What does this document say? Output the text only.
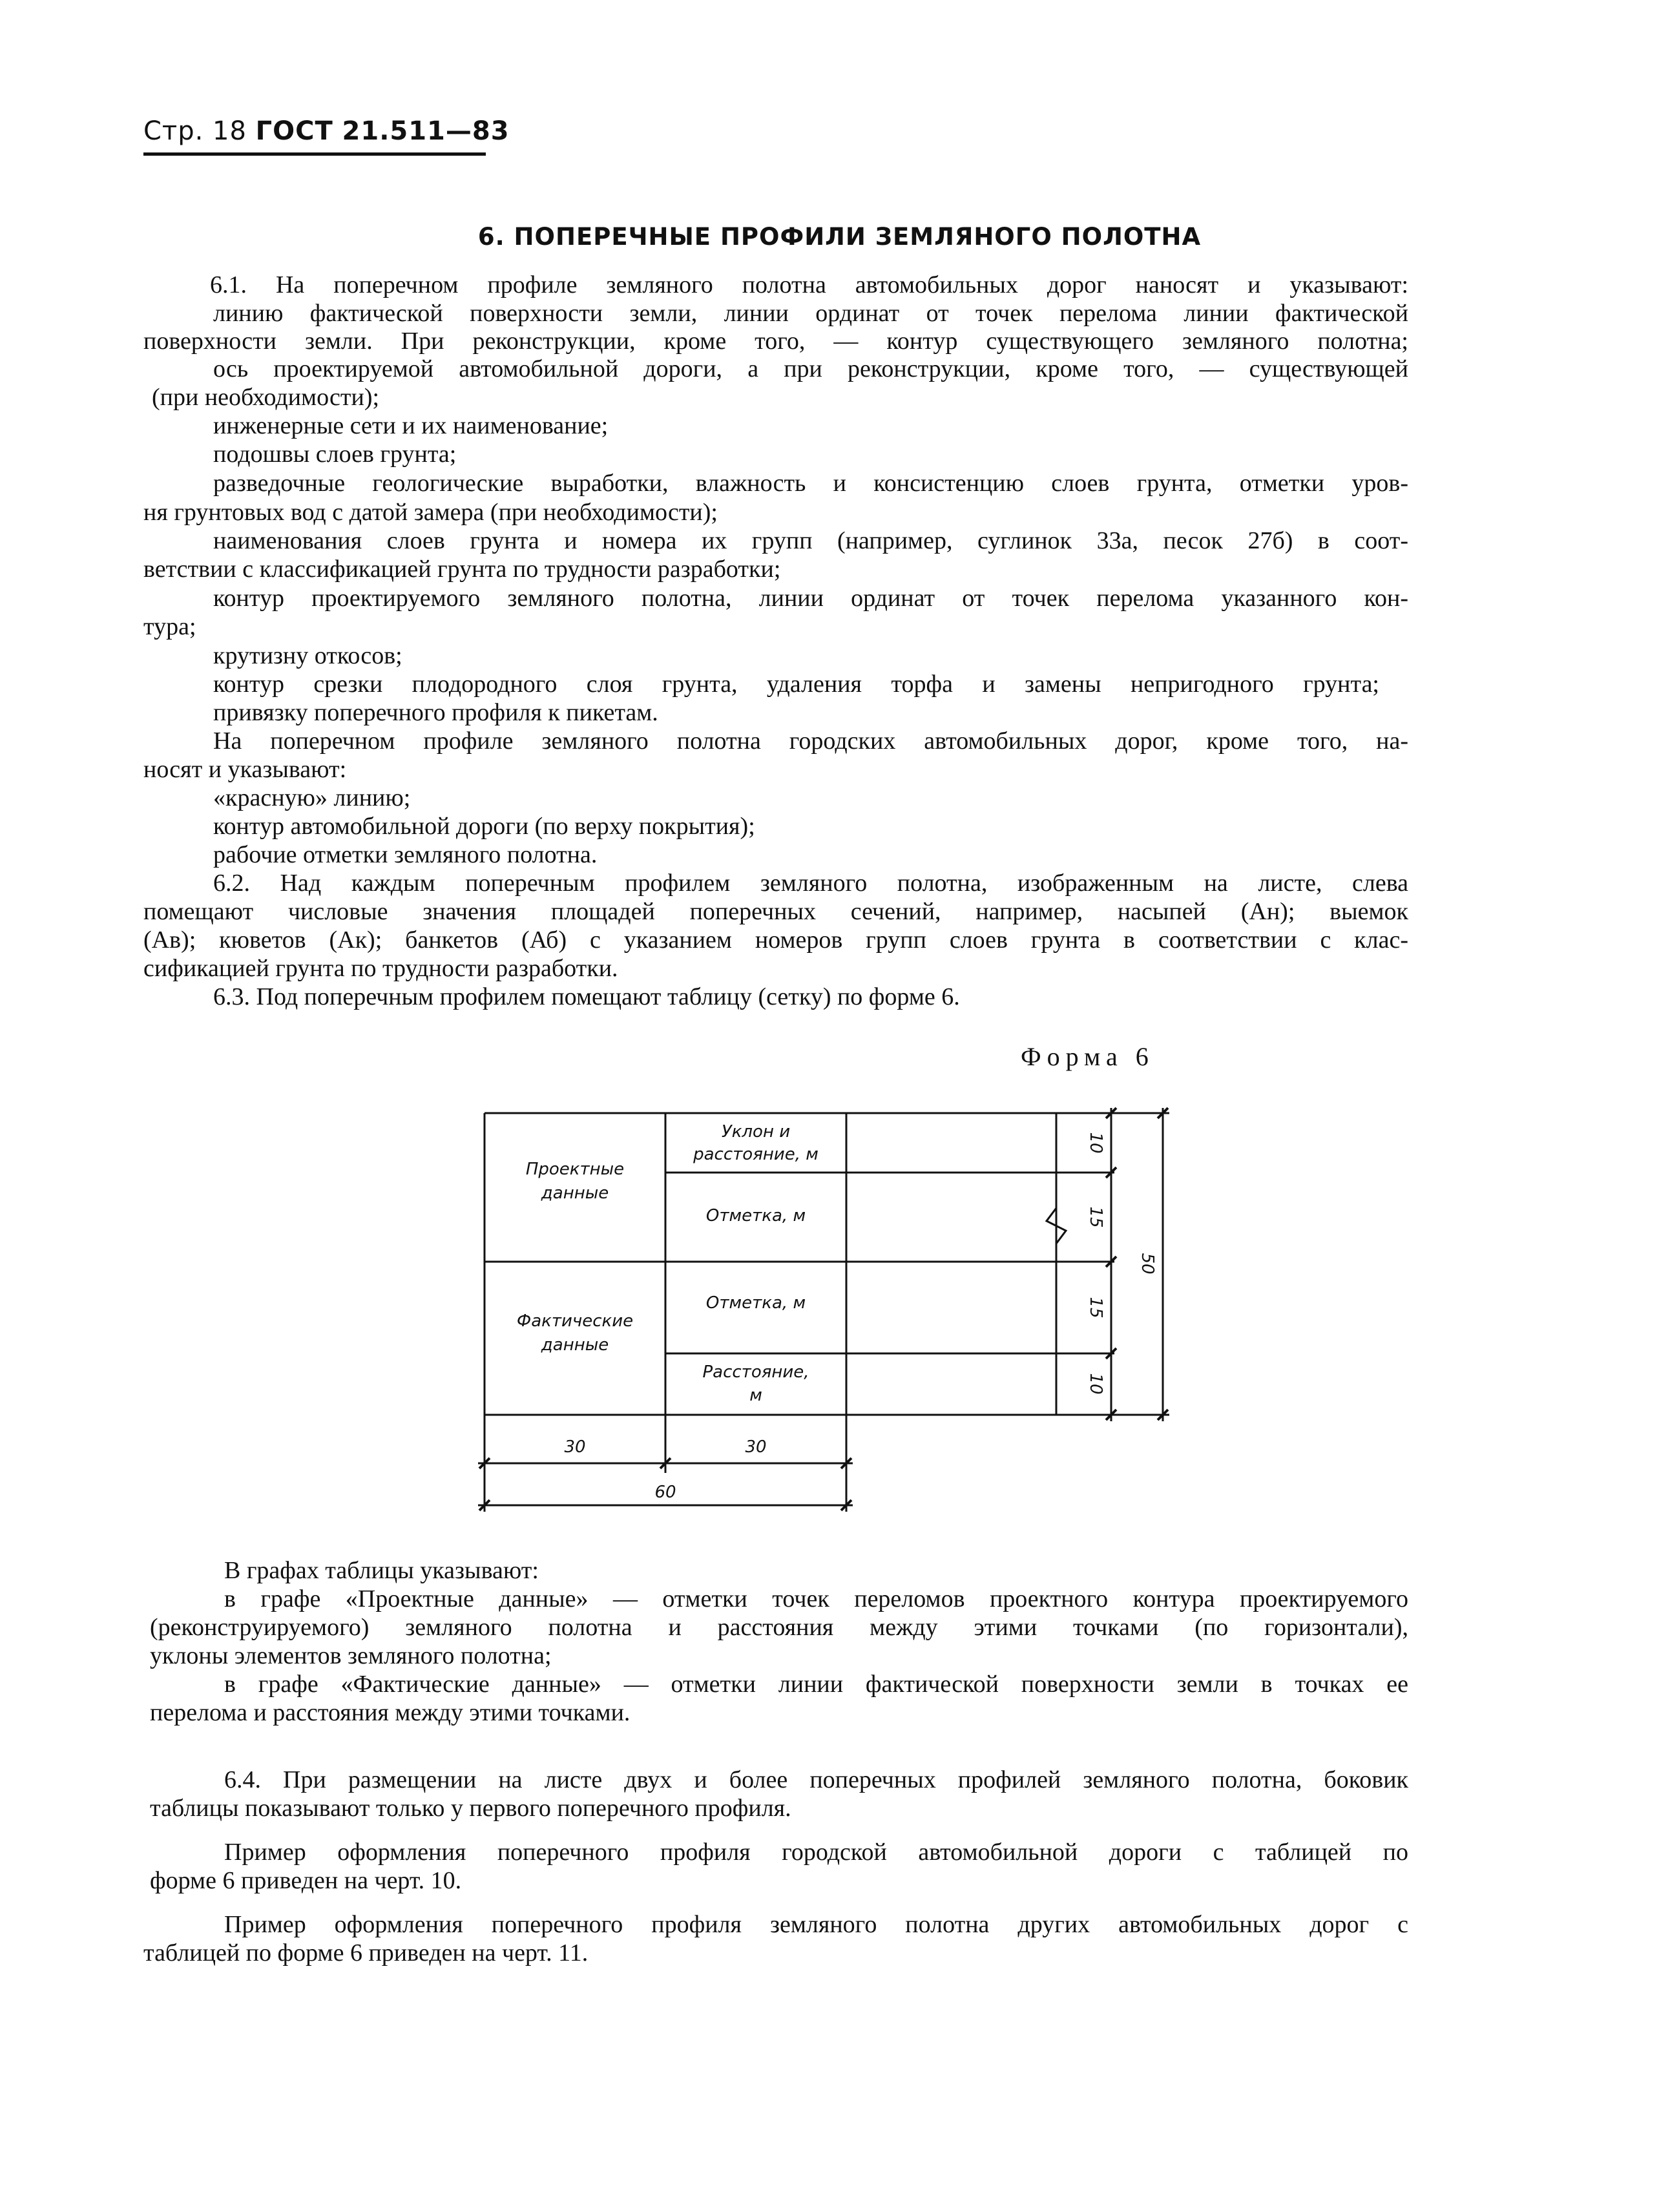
Стр. 18 ГОСТ 21.511—83
6. ПОПЕРЕЧНЫЕ ПРОФИЛИ ЗЕМЛЯНОГО ПОЛОТНА
6.1. На поперечном профиле земляного полотна автомобильных дорог наносят и указывают:
линию фактической поверхности земли, линии ординат от точек перелома линии фактической
поверхности земли. При реконструкции, кроме того, — контур существующего земляного полотна;
ось проектируемой автомобильной дороги, а при реконструкции, кроме того, — существующей
(при необходимости);
инженерные сети и их наименование;
подошвы слоев грунта;
разведочные геологические выработки, влажность и консистенцию слоев грунта, отметки уров-
ня грунтовых вод с датой замера (при необходимости);
наименования слоев грунта и номера их групп (например, суглинок 33а, песок 27б) в соот-
ветствии с классификацией грунта по трудности разработки;
контур проектируемого земляного полотна, линии ординат от точек перелома указанного кон-
тура;
крутизну откосов;
контур срезки плодородного слоя грунта, удаления торфа и замены непригодного грунта;
привязку поперечного профиля к пикетам.
На поперечном профиле земляного полотна городских автомобильных дорог, кроме того, на-
носят и указывают:
«красную» линию;
контур автомобильной дороги (по верху покрытия);
рабочие отметки земляного полотна.
6.2. Над каждым поперечным профилем земляного полотна, изображенным на листе, слева
помещают числовые значения площадей поперечных сечений, например, насыпей (Ан); выемок
(Ав); кюветов (Ак); банкетов (Аб) с указанием номеров групп слоев грунта в соответствии с клас-
сификацией грунта по трудности разработки.
6.3. Под поперечным профилем помещают таблицу (сетку) по форме 6.
Форма 6
Проектные
данные
Фактические
данные
Уклон и
расстояние, м
Отметка, м
Отметка, м
Расстояние,
м
10
15
15
10
50
30	30
60
В графах таблицы указывают:
в графе «Проектные данные» — отметки точек переломов проектного контура проектируемого
(реконструируемого) земляного полотна и расстояния между этими точками (по горизонтали),
уклоны элементов земляного полотна;
в графе «Фактические данные» — отметки линии фактической поверхности земли в точках ее
перелома и расстояния между этими точками.
6.4. При размещении на листе двух и более поперечных профилей земляного полотна, боковик
таблицы показывают только у первого поперечного профиля.
Пример оформления поперечного профиля городской автомобильной дороги с таблицей по
форме 6 приведен на черт. 10.
Пример оформления поперечного профиля земляного полотна других автомобильных дорог с
таблицей по форме 6 приведен на черт. 11.
